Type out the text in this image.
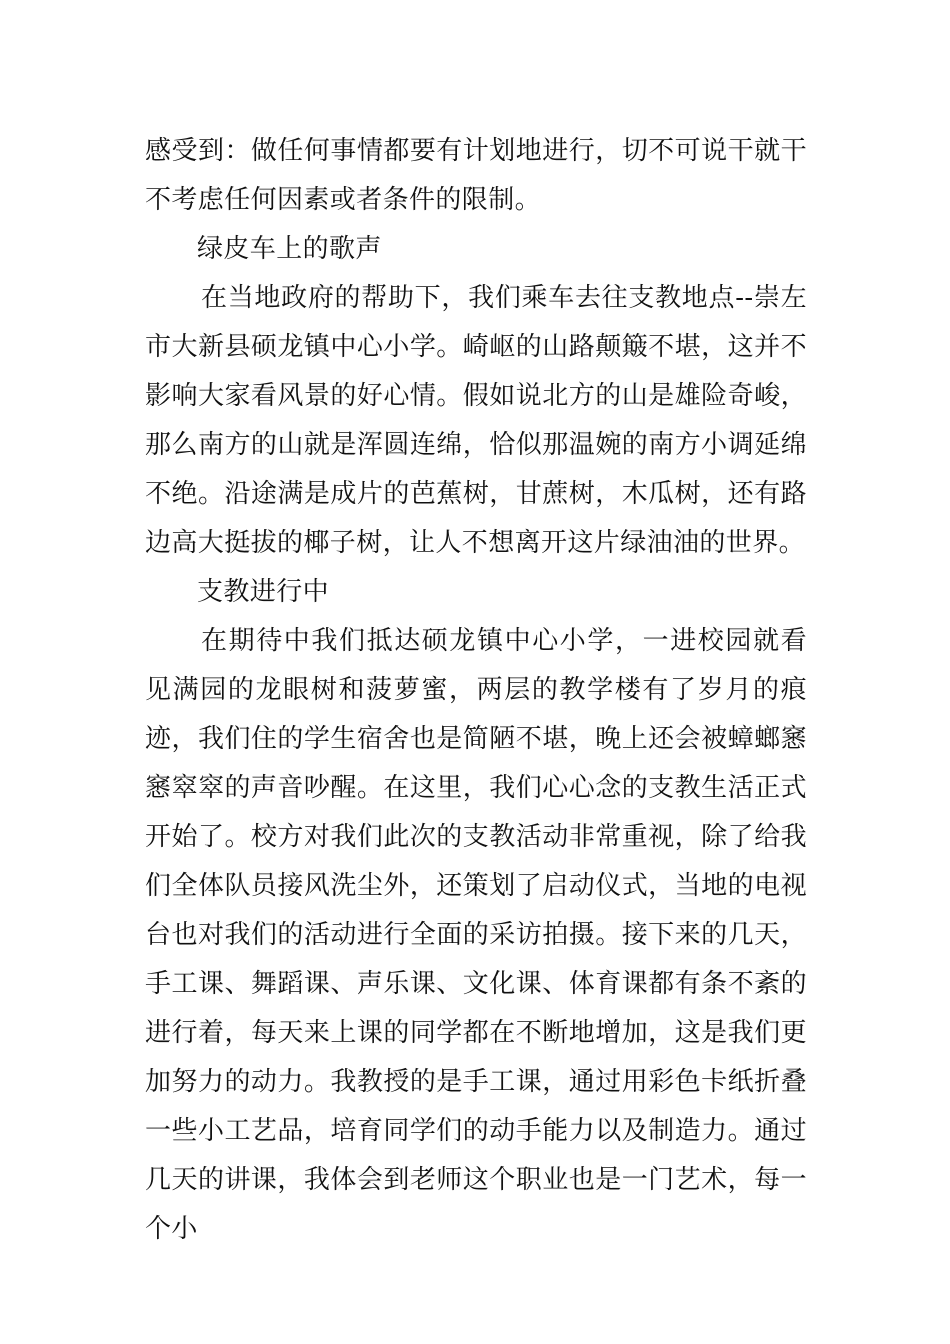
感受到：做任何事情都要有计划地进行，切不可说干就干不考虑任何因素或者条件的限制。

绿皮车上的歌声

在当地政府的帮助下，我们乘车去往支教地点--崇左市大新县硕龙镇中心小学。崎岖的山路颠簸不堪，这并不影响大家看风景的好心情。假如说北方的山是雄险奇峻，那么南方的山就是浑圆连绵，恰似那温婉的南方小调延绵不绝。沿途满是成片的芭蕉树，甘蔗树，木瓜树，还有路边高大挺拔的椰子树，让人不想离开这片绿油油的世界。

支教进行中

在期待中我们抵达硕龙镇中心小学，一进校园就看见满园的龙眼树和菠萝蜜，两层的教学楼有了岁月的痕迹，我们住的学生宿舍也是简陋不堪，晚上还会被蟑螂窸窸窣窣的声音吵醒。在这里，我们心心念的支教生活正式开始了。校方对我们此次的支教活动非常重视，除了给我们全体队员接风洗尘外，还策划了启动仪式，当地的电视台也对我们的活动进行全面的采访拍摄。接下来的几天，手工课、舞蹈课、声乐课、文化课、体育课都有条不紊的进行着，每天来上课的同学都在不断地增加，这是我们更加努力的动力。我教授的是手工课，通过用彩色卡纸折叠一些小工艺品，培育同学们的动手能力以及制造力。通过几天的讲课，我体会到老师这个职业也是一门艺术，每一个小
